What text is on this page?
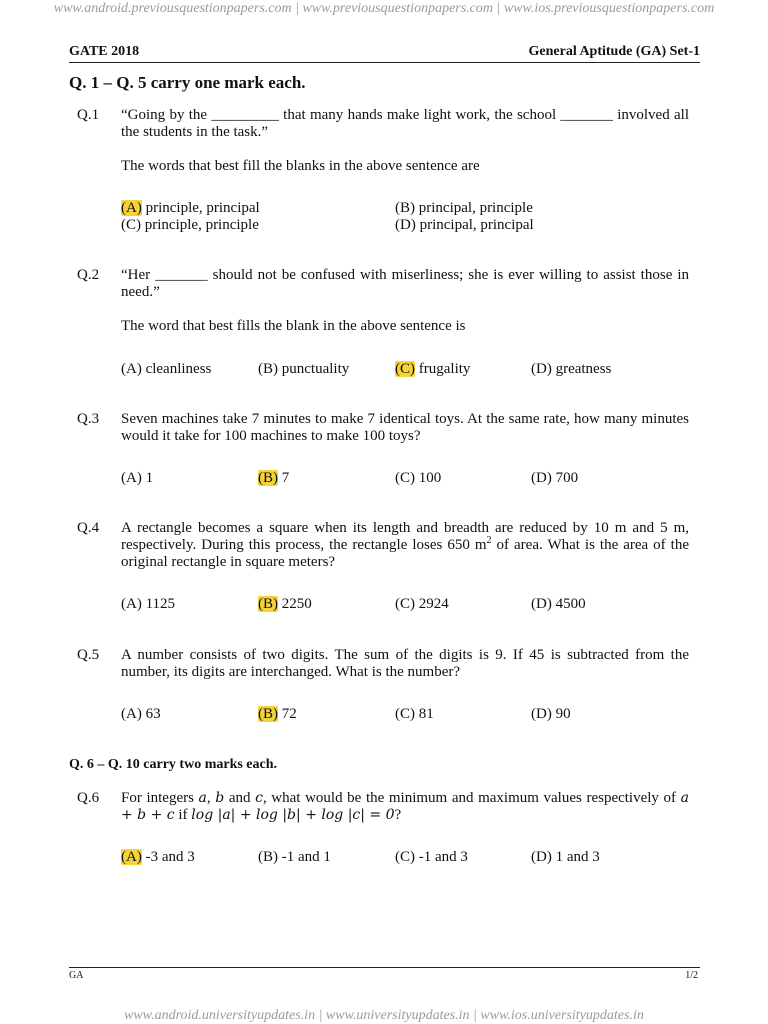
www.android.previousquestionpapers.com | www.previousquestionpapers.com | www.ios.previousquestionpapers.com
www.android.universityupdates.in | www.universityupdates.in | www.ios.universityupdates.in
GATE 2018	General Aptitude (GA) Set-1
Q. 1 – Q. 5 carry one mark each.
Q.1 “Going by the _________ that many hands make light work, the school _______ involved all the students in the task.”
The words that best fill the blanks in the above sentence are
(A) principle, principal	(B) principal, principle
(C) principle, principle	(D) principal, principal
Q.2 “Her _______ should not be confused with miserliness; she is ever willing to assist those in need.”
The word that best fills the blank in the above sentence is
(A) cleanliness	(B) punctuality	(C) frugality	(D) greatness
Q.3 Seven machines take 7 minutes to make 7 identical toys. At the same rate, how many minutes would it take for 100 machines to make 100 toys?
(A) 1	(B) 7	(C) 100	(D) 700
Q.4 A rectangle becomes a square when its length and breadth are reduced by 10 m and 5 m, respectively. During this process, the rectangle loses 650 $m^2$ of area. What is the area of the original rectangle in square meters?
(A) 1125	(B) 2250	(C) 2924	(D) 4500
Q.5 A number consists of two digits. The sum of the digits is 9. If 45 is subtracted from the number, its digits are interchanged. What is the number?
(A) 63	(B) 72	(C) 81	(D) 90
Q. 6 – Q. 10 carry two marks each.
Q.6 For integers a, b and c, what would be the minimum and maximum values respectively of a + b + c if log |a| + log |b| + log |c| = 0?
(A) -3 and 3	(B) -1 and 1	(C) -1 and 3	(D) 1 and 3
GA	1/2
